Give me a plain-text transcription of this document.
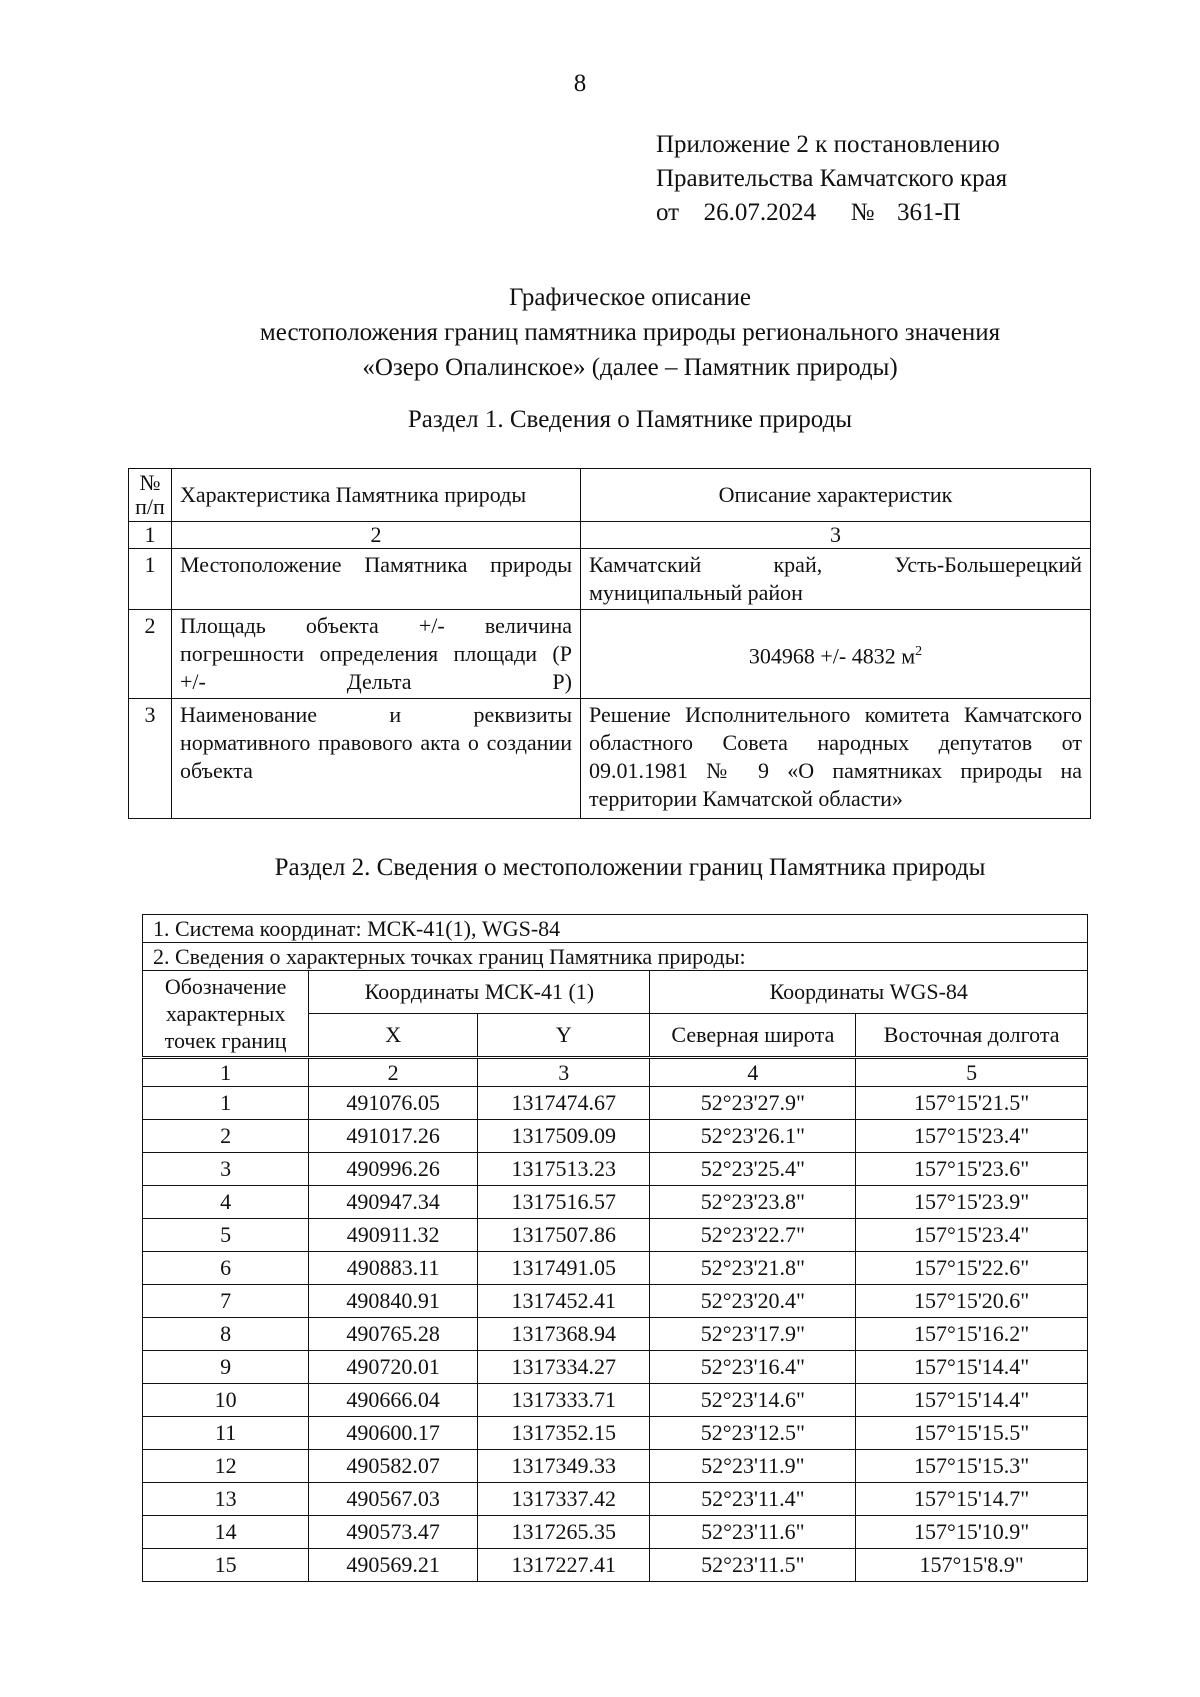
8
Приложение 2 к постановлению
Правительства Камчатского края
от 26.07.2024 № 361-П
Графическое описание
местоположения границ памятника природы регионального значения
«Озеро Опалинское» (далее – Памятник природы)
Раздел 1. Сведения о Памятнике природы
№ п/п	Характеристика Памятника природы	Описание характеристик
1	2	3
1	Местоположение Памятника природы	Камчатский край, Усть-Большерецкий муниципальный район
2	Площадь объекта +/- величина погрешности определения площади (Р +/- Дельта Р)	304968 +/- 4832 $м^2$
3	Наименование и реквизиты нормативного правового акта о создании объекта	Решение Исполнительного комитета Камчатского областного Совета народных депутатов от 09.01.1981 № 9 «О памятниках природы на территории Камчатской области»
Раздел 2. Сведения о местоположении границ Памятника природы
1. Система координат: МСК-41(1), WGS-84				
2. Сведения о характерных точках границ Памятника природы:				
Обозначение характерных точек границ	Координаты МСК-41 (1)		Координаты WGS-84	
	X	Y	Северная широта	Восточная долгота
1	2	3	4	5
1	491076.05	1317474.67	52°23'27.9"	157°15'21.5"
2	491017.26	1317509.09	52°23'26.1"	157°15'23.4"
3	490996.26	1317513.23	52°23'25.4"	157°15'23.6"
4	490947.34	1317516.57	52°23'23.8"	157°15'23.9"
5	490911.32	1317507.86	52°23'22.7"	157°15'23.4"
6	490883.11	1317491.05	52°23'21.8"	157°15'22.6"
7	490840.91	1317452.41	52°23'20.4"	157°15'20.6"
8	490765.28	1317368.94	52°23'17.9"	157°15'16.2"
9	490720.01	1317334.27	52°23'16.4"	157°15'14.4"
10	490666.04	1317333.71	52°23'14.6"	157°15'14.4"
11	490600.17	1317352.15	52°23'12.5"	157°15'15.5"
12	490582.07	1317349.33	52°23'11.9"	157°15'15.3"
13	490567.03	1317337.42	52°23'11.4"	157°15'14.7"
14	490573.47	1317265.35	52°23'11.6"	157°15'10.9"
15	490569.21	1317227.41	52°23'11.5"	157°15'8.9"
